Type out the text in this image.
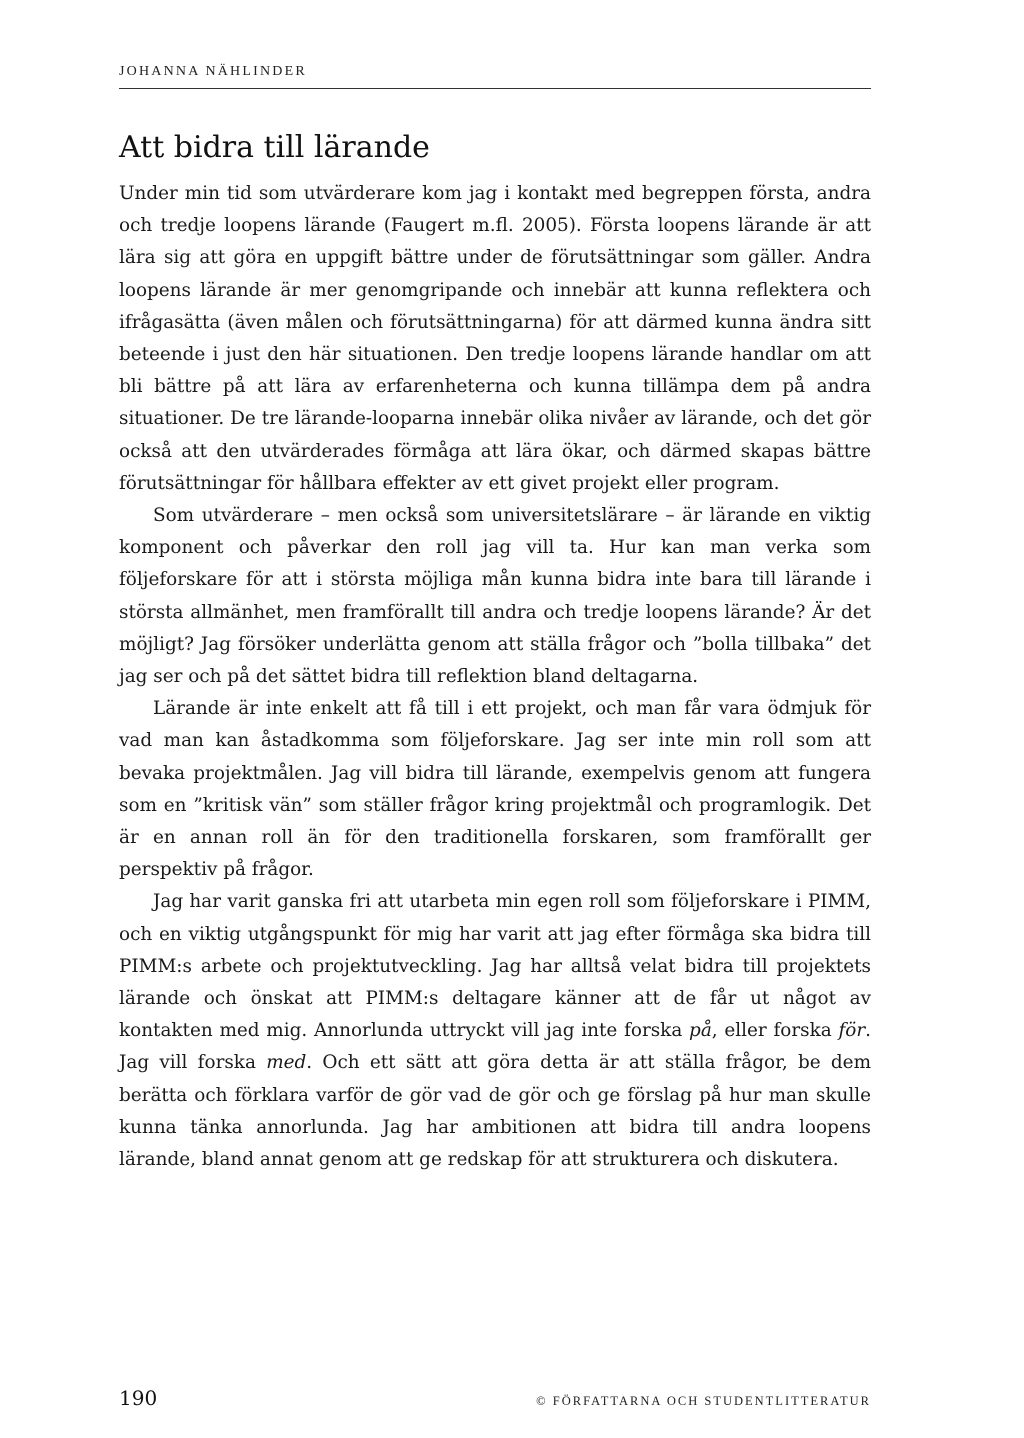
JOHANNA NÄHLINDER
Att bidra till lärande

Under min tid som utvärderare kom jag i kontakt med begreppen första, andra och tredje loopens lärande (Faugert m.fl. 2005). Första loopens lärande är att lära sig att göra en uppgift bättre under de förutsättningar som gäller. Andra loopens lärande är mer genomgripande och innebär att kunna reflektera och ifrågasätta (även målen och förutsättningarna) för att därmed kunna ändra sitt beteende i just den här situationen. Den tredje loopens lärande handlar om att bli bättre på att lära av erfarenheterna och kunna tillämpa dem på andra situationer. De tre lärande-looparna innebär olika nivåer av lärande, och det gör också att den utvärderades förmåga att lära ökar, och därmed skapas bättre förutsättningar för hållbara effekter av ett givet projekt eller program.

Som utvärderare – men också som universitetslärare – är lärande en viktig komponent och påverkar den roll jag vill ta. Hur kan man verka som följeforskare för att i största möjliga mån kunna bidra inte bara till lärande i största allmänhet, men framförallt till andra och tredje loopens lärande? Är det möjligt? Jag försöker underlätta genom att ställa frågor och ”bolla tillbaka” det jag ser och på det sättet bidra till reflektion bland deltagarna.

Lärande är inte enkelt att få till i ett projekt, och man får vara ödmjuk för vad man kan åstadkomma som följeforskare. Jag ser inte min roll som att bevaka projektmålen. Jag vill bidra till lärande, exempelvis genom att fungera som en ”kritisk vän” som ställer frågor kring projektmål och programlogik. Det är en annan roll än för den traditionella forskaren, som framförallt ger perspektiv på frågor.

Jag har varit ganska fri att utarbeta min egen roll som följeforskare i PIMM, och en viktig utgångspunkt för mig har varit att jag efter förmåga ska bidra till PIMM:s arbete och projektutveckling. Jag har alltså velat bidra till projektets lärande och önskat att PIMM:s deltagare känner att de får ut något av kontakten med mig. Annorlunda uttryckt vill jag inte forska på, eller forska för. Jag vill forska med. Och ett sätt att göra detta är att ställa frågor, be dem berätta och förklara varför de gör vad de gör och ge förslag på hur man skulle kunna tänka annorlunda. Jag har ambitionen att bidra till andra loopens lärande, bland annat genom att ge redskap för att strukturera och diskutera.

190	© FÖRFATTARNA OCH STUDENTLITTERATUR
